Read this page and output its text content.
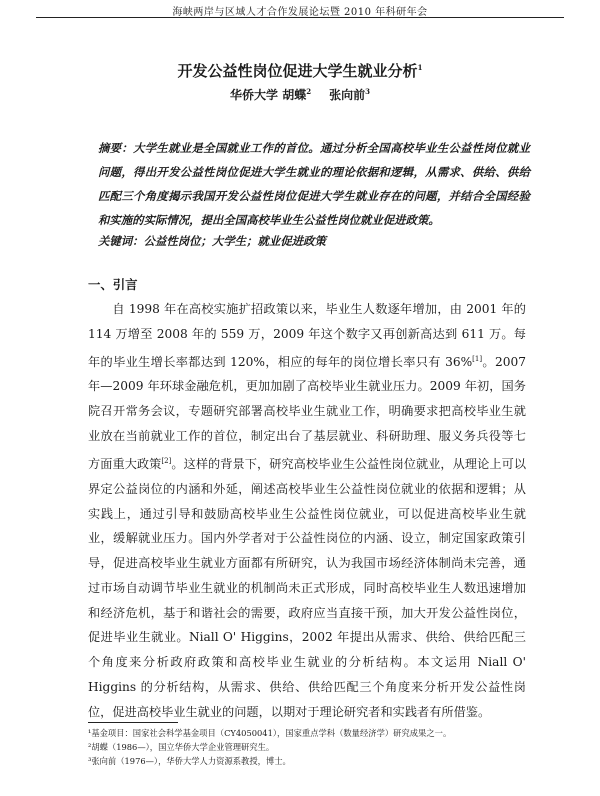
海峡两岸与区域人才合作发展论坛暨 2010 年科研年会
开发公益性岗位促进大学生就业分析$^1$
华侨大学 胡蝶$^2$ 张向前$^3$
摘要：大学生就业是全国就业工作的首位。通过分析全国高校毕业生公益性岗位就业问题，得出开发公益性岗位促进大学生就业的理论依据和逻辑，从需求、供给、供给匹配三个角度揭示我国开发公益性岗位促进大学生就业存在的问题，并结合全国经验和实施的实际情况，提出全国高校毕业生公益性岗位就业促进政策。
关键词：公益性岗位；大学生；就业促进政策
一、引言
自 1998 年在高校实施扩招政策以来，毕业生人数逐年增加，由 2001 年的 114 万增至 2008 年的 559 万，2009 年这个数字又再创新高达到 611 万。每年的毕业生增长率都达到 120%，相应的每年的岗位增长率只有 36%[1]。2007 年—2009 年环球金融危机，更加加剧了高校毕业生就业压力。2009 年初，国务院召开常务会议，专题研究部署高校毕业生就业工作，明确要求把高校毕业生就业放在当前就业工作的首位，制定出台了基层就业、科研助理、服义务兵役等七方面重大政策[2]。这样的背景下，研究高校毕业生公益性岗位就业，从理论上可以界定公益岗位的内涵和外延，阐述高校毕业生公益性岗位就业的依据和逻辑；从实践上，通过引导和鼓励高校毕业生公益性岗位就业，可以促进高校毕业生就业，缓解就业压力。国内外学者对于公益性岗位的内涵、设立，制定国家政策引导，促进高校毕业生就业方面都有所研究，认为我国市场经济体制尚未完善，通过市场自动调节毕业生就业的机制尚未正式形成，同时高校毕业生人数迅速增加和经济危机，基于和谐社会的需要，政府应当直接干预，加大开发公益性岗位，促进毕业生就业。Niall O' Higgins，2002 年提出从需求、供给、供给匹配三个角度来分析政府政策和高校毕业生就业的分析结构。本文运用 Niall O' Higgins 的分析结构，从需求、供给、供给匹配三个角度来分析开发公益性岗位，促进高校毕业生就业的问题，以期对于理论研究者和实践者有所借鉴。
¹基金项目：国家社会科学基金项目（CY4050041），国家重点学科（数量经济学）研究成果之一。
²胡蝶（1986—），国立华侨大学企业管理研究生。
³张向前（1976—），华侨大学人力资源系教授，博士。
